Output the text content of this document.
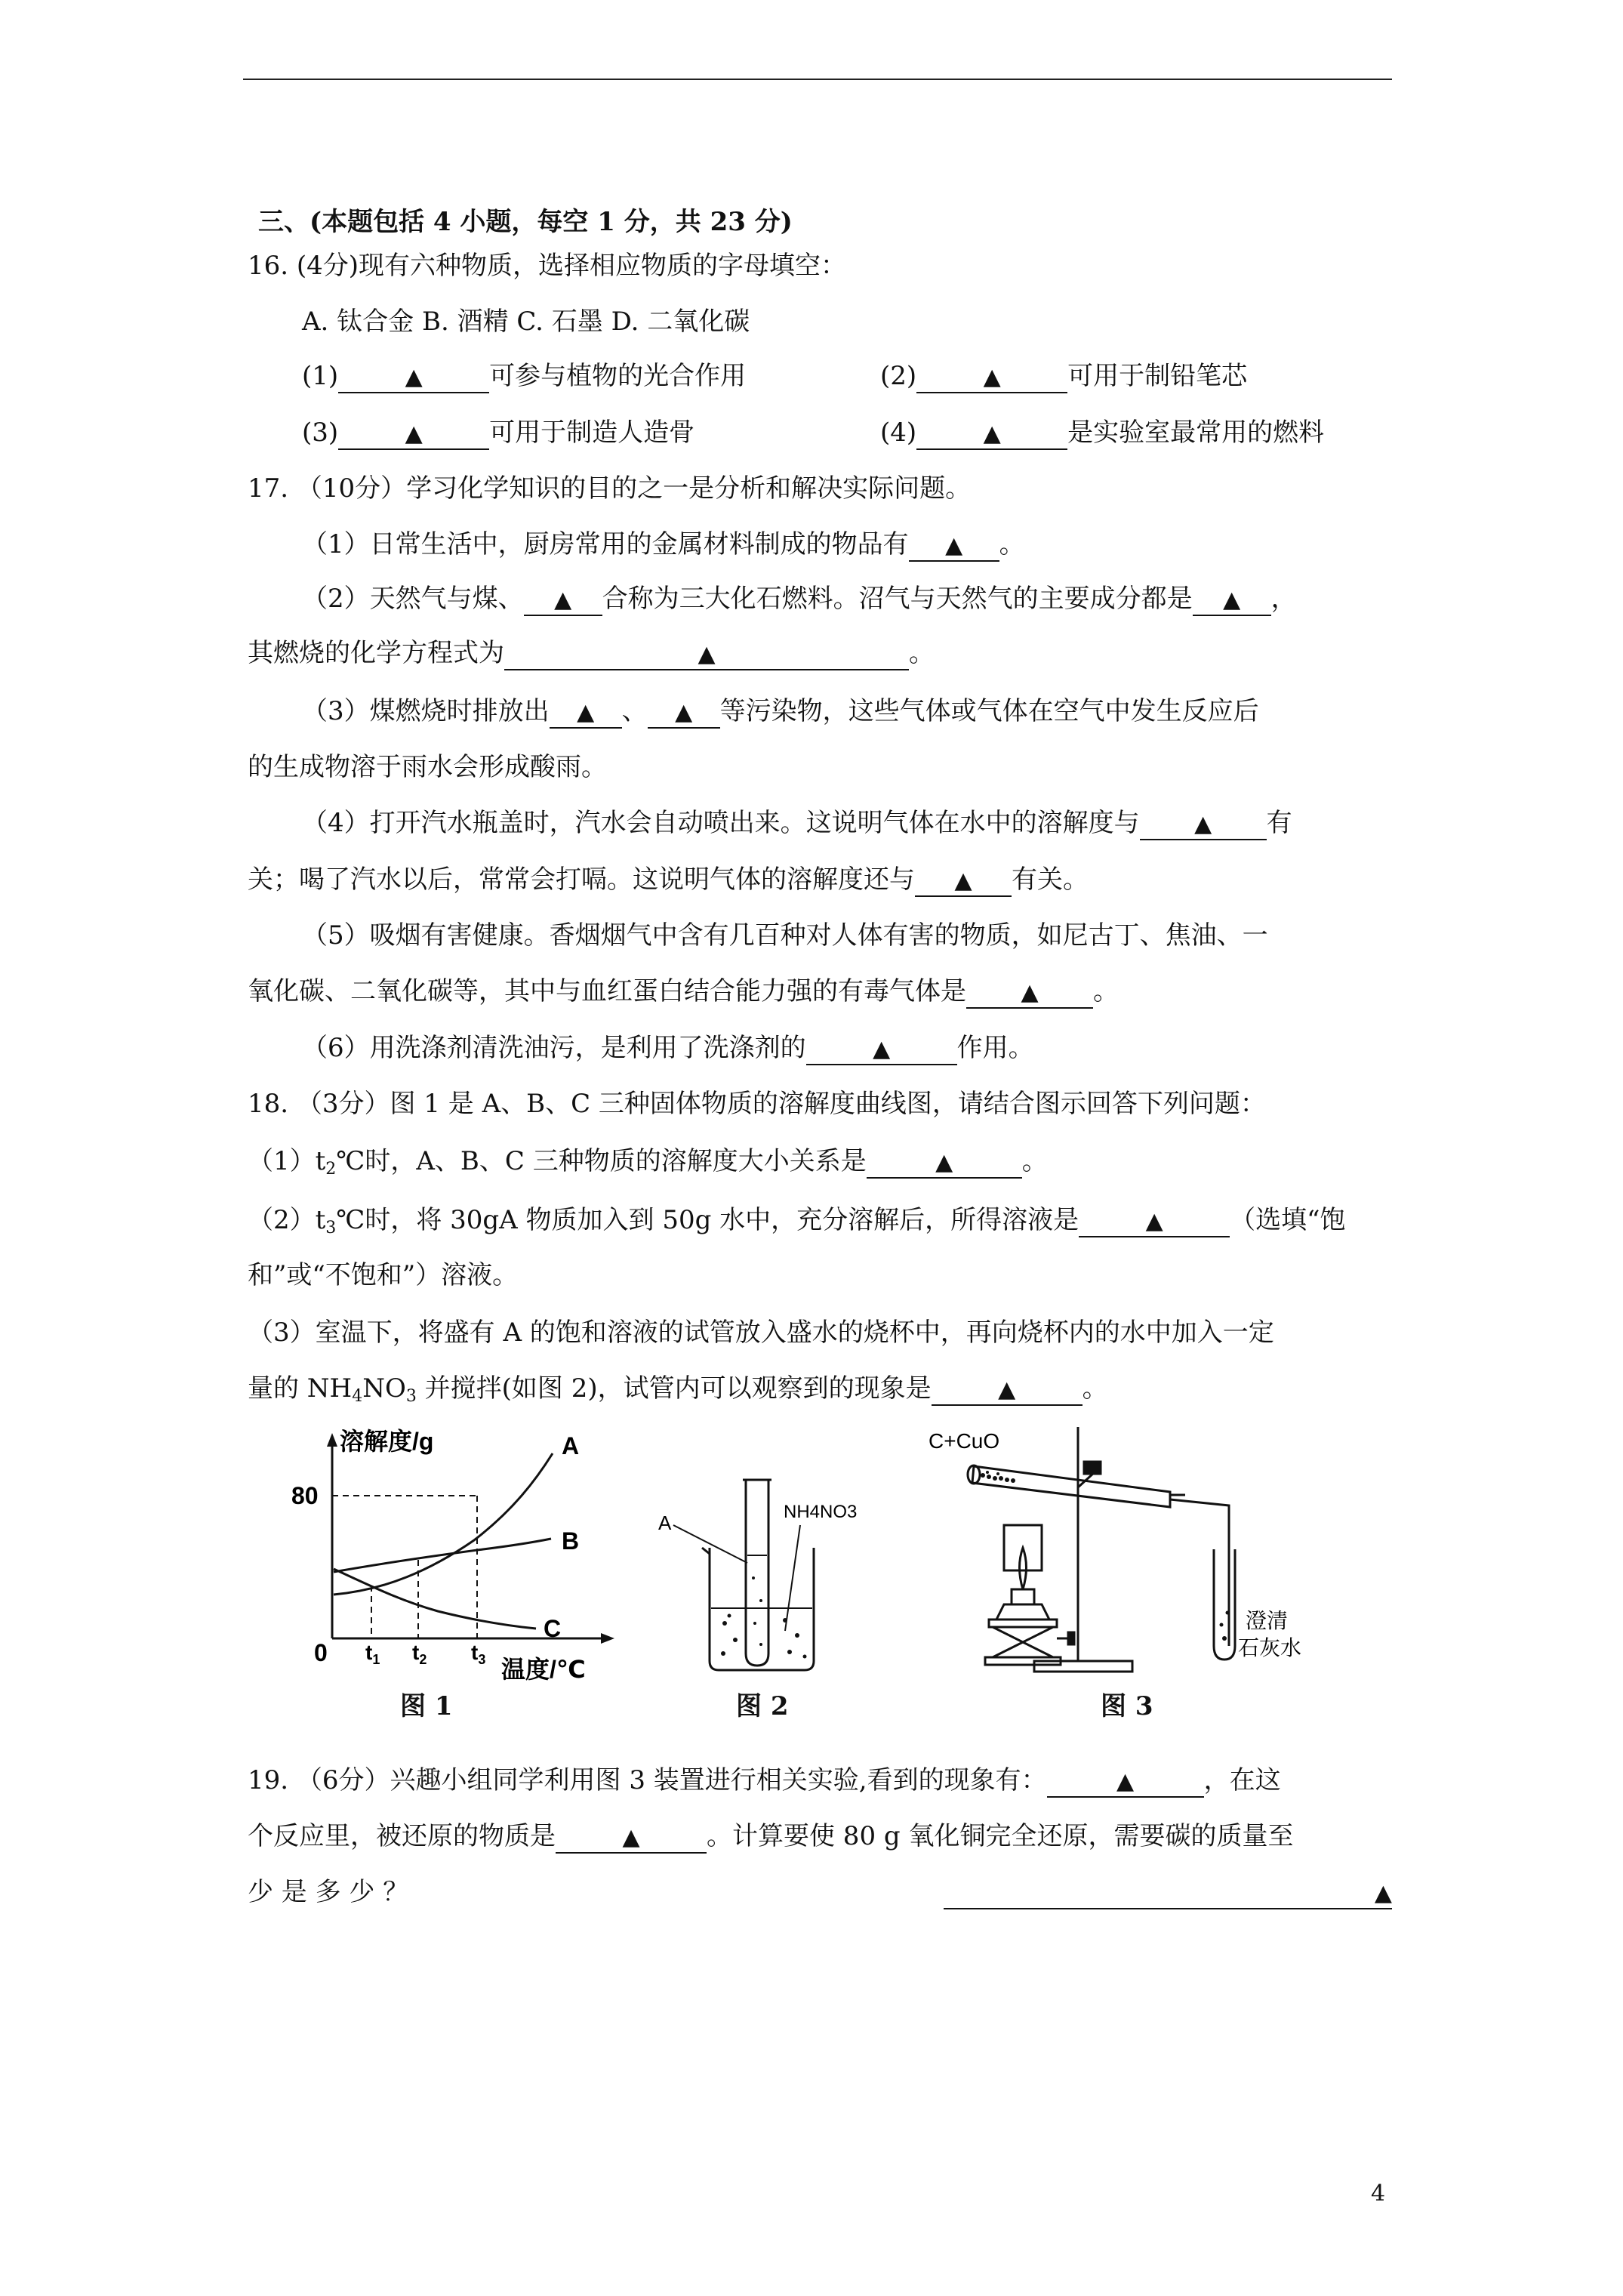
三、(本题包括 4 小题，每空 1 分，共 23 分)
16. (4分)现有六种物质，选择相应物质的字母填空：
A. 钛合金 B. 酒精 C. 石墨 D. 二氧化碳
(1)	▲	可参与植物的光合作用	(2)	▲	可用于制铅笔芯
(3)	▲	可用于制造人造骨	(4)	▲	是实验室最常用的燃料
17. （10分）学习化学知识的目的之一是分析和解决实际问题。
（1）日常生活中，厨房常用的金属材料制成的物品有 ▲ 。
（2）天然气与煤、 ▲ 合称为三大化石燃料。沼气与天然气的主要成分都是 ▲ ，
其燃烧的化学方程式为	▲	。
（3）煤燃烧时排放出 ▲ 、 ▲ 等污染物，这些气体或气体在空气中发生反应后
的生成物溶于雨水会形成酸雨。
（4）打开汽水瓶盖时，汽水会自动喷出来。这说明气体在水中的溶解度与 ▲ 有
关；喝了汽水以后，常常会打嗝。这说明气体的溶解度还与 ▲ 有关。
（5）吸烟有害健康。香烟烟气中含有几百种对人体有害的物质，如尼古丁、焦油、一
氧化碳、二氧化碳等，其中与血红蛋白结合能力强的有毒气体是 ▲ 。
（6）用洗涤剂清洗油污，是利用了洗涤剂的	▲	作用。
18. （3分）图 1 是 A、B、C 三种固体物质的溶解度曲线图，请结合图示回答下列问题：
$(1)t_2℃$时，A、B、C 三种物质的溶解度大小关系是	▲	。
$(2)t_3℃$时，将 30gA 物质加入到 50g 水中，充分溶解后，所得溶液是	▲	（选填“饱
和”或“不饱和”）溶液。
（3）室温下，将盛有 A 的饱和溶液的试管放入盛水的烧杯中，再向烧杯内的水中加入一定
量的 $NH_4NO_3$ 并搅拌(如图 2)，试管内可以观察到的现象是	▲	。
溶解度/g
80
0 $t_1$ $t_2$ $t_3$ 温度/℃
A
B
C
图 1
A	NH4NO3
图 2
C+CuO
澄清
石灰水
图 3
19. （6分）兴趣小组同学利用图 3 装置进行相关实验,看到的现象有：	▲	，在这
个反应里，被还原的物质是	▲	。计算要使 80 g 氧化铜完全还原，需要碳的质量至
少 是 多 少 ？	▲
4
